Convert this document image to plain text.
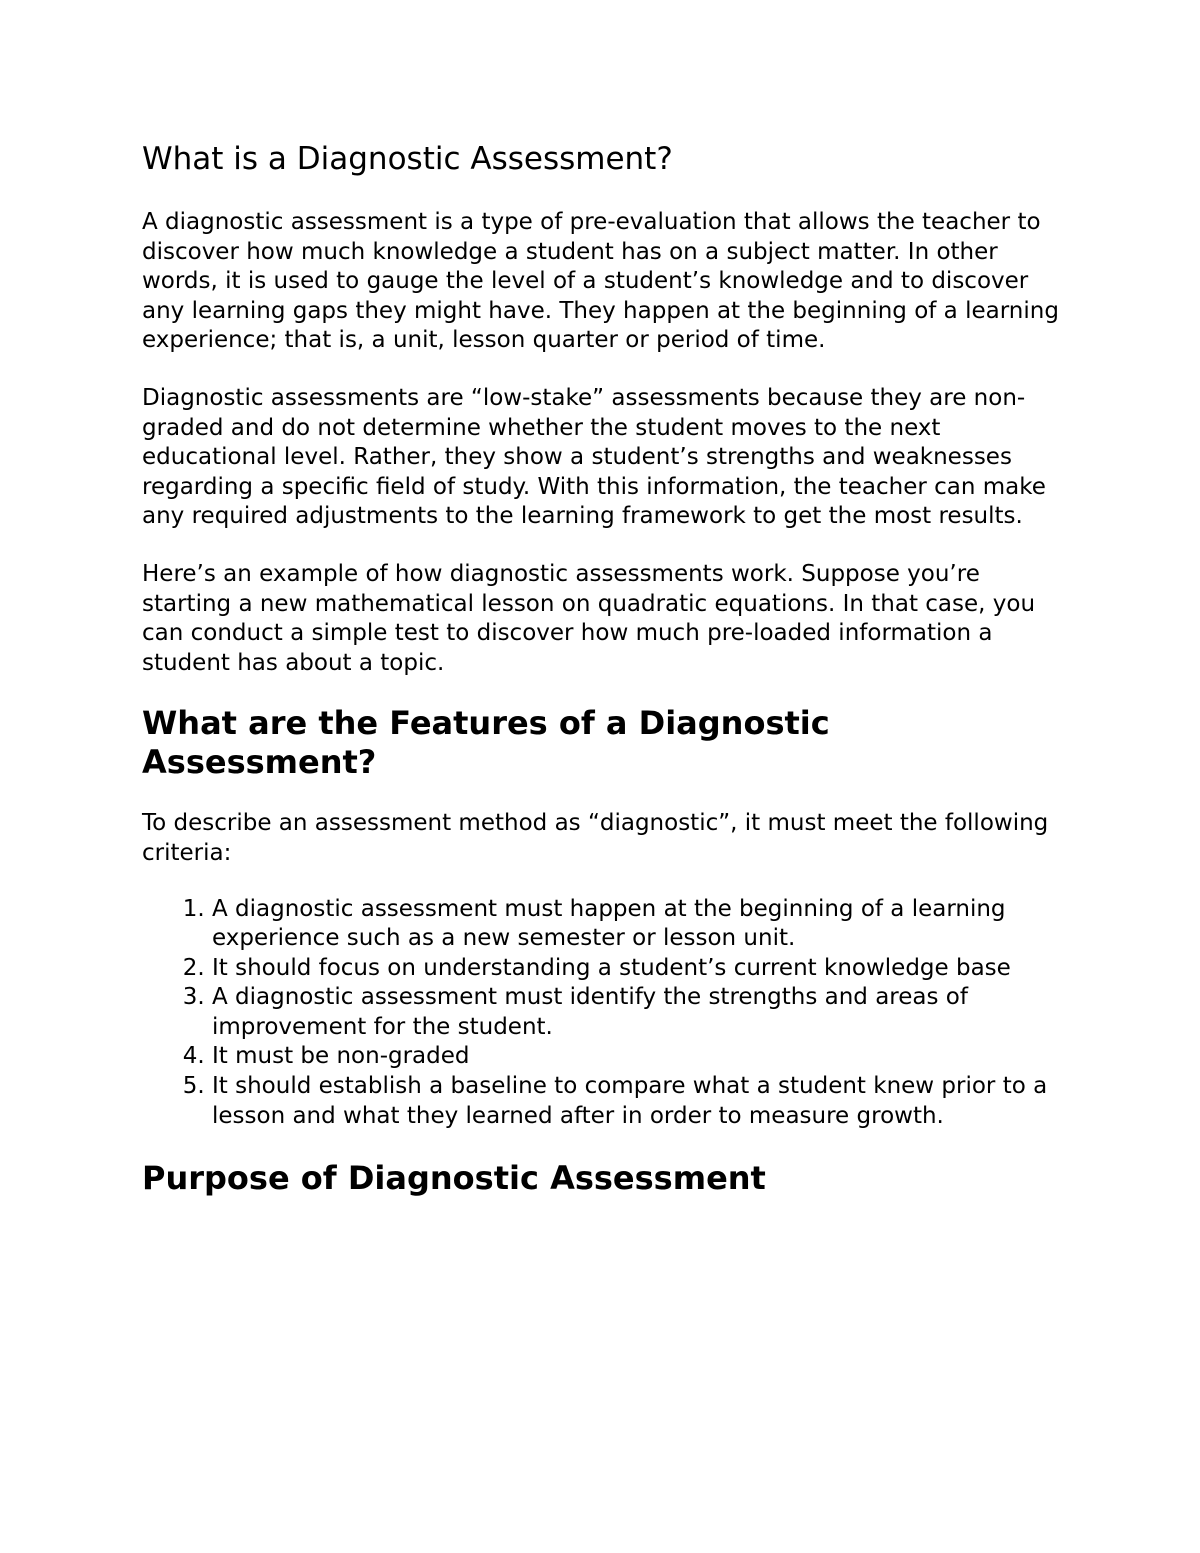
What is a Diagnostic Assessment?

A diagnostic assessment is a type of pre-evaluation that allows the teacher to discover how much knowledge a student has on a subject matter. In other words, it is used to gauge the level of a student’s knowledge and to discover any learning gaps they might have. They happen at the beginning of a learning experience; that is, a unit, lesson quarter or period of time.

Diagnostic assessments are “low-stake” assessments because they are non-graded and do not determine whether the student moves to the next educational level. Rather, they show a student’s strengths and weaknesses regarding a specific field of study. With this information, the teacher can make any required adjustments to the learning framework to get the most results.

Here’s an example of how diagnostic assessments work. Suppose you’re starting a new mathematical lesson on quadratic equations. In that case, you can conduct a simple test to discover how much pre-loaded information a student has about a topic.

What are the Features of a Diagnostic Assessment?

To describe an assessment method as “diagnostic”, it must meet the following criteria:

1. A diagnostic assessment must happen at the beginning of a learning experience such as a new semester or lesson unit.
2. It should focus on understanding a student’s current knowledge base
3. A diagnostic assessment must identify the strengths and areas of improvement for the student.
4. It must be non-graded
5. It should establish a baseline to compare what a student knew prior to a lesson and what they learned after in order to measure growth.
Purpose of Diagnostic Assessment
